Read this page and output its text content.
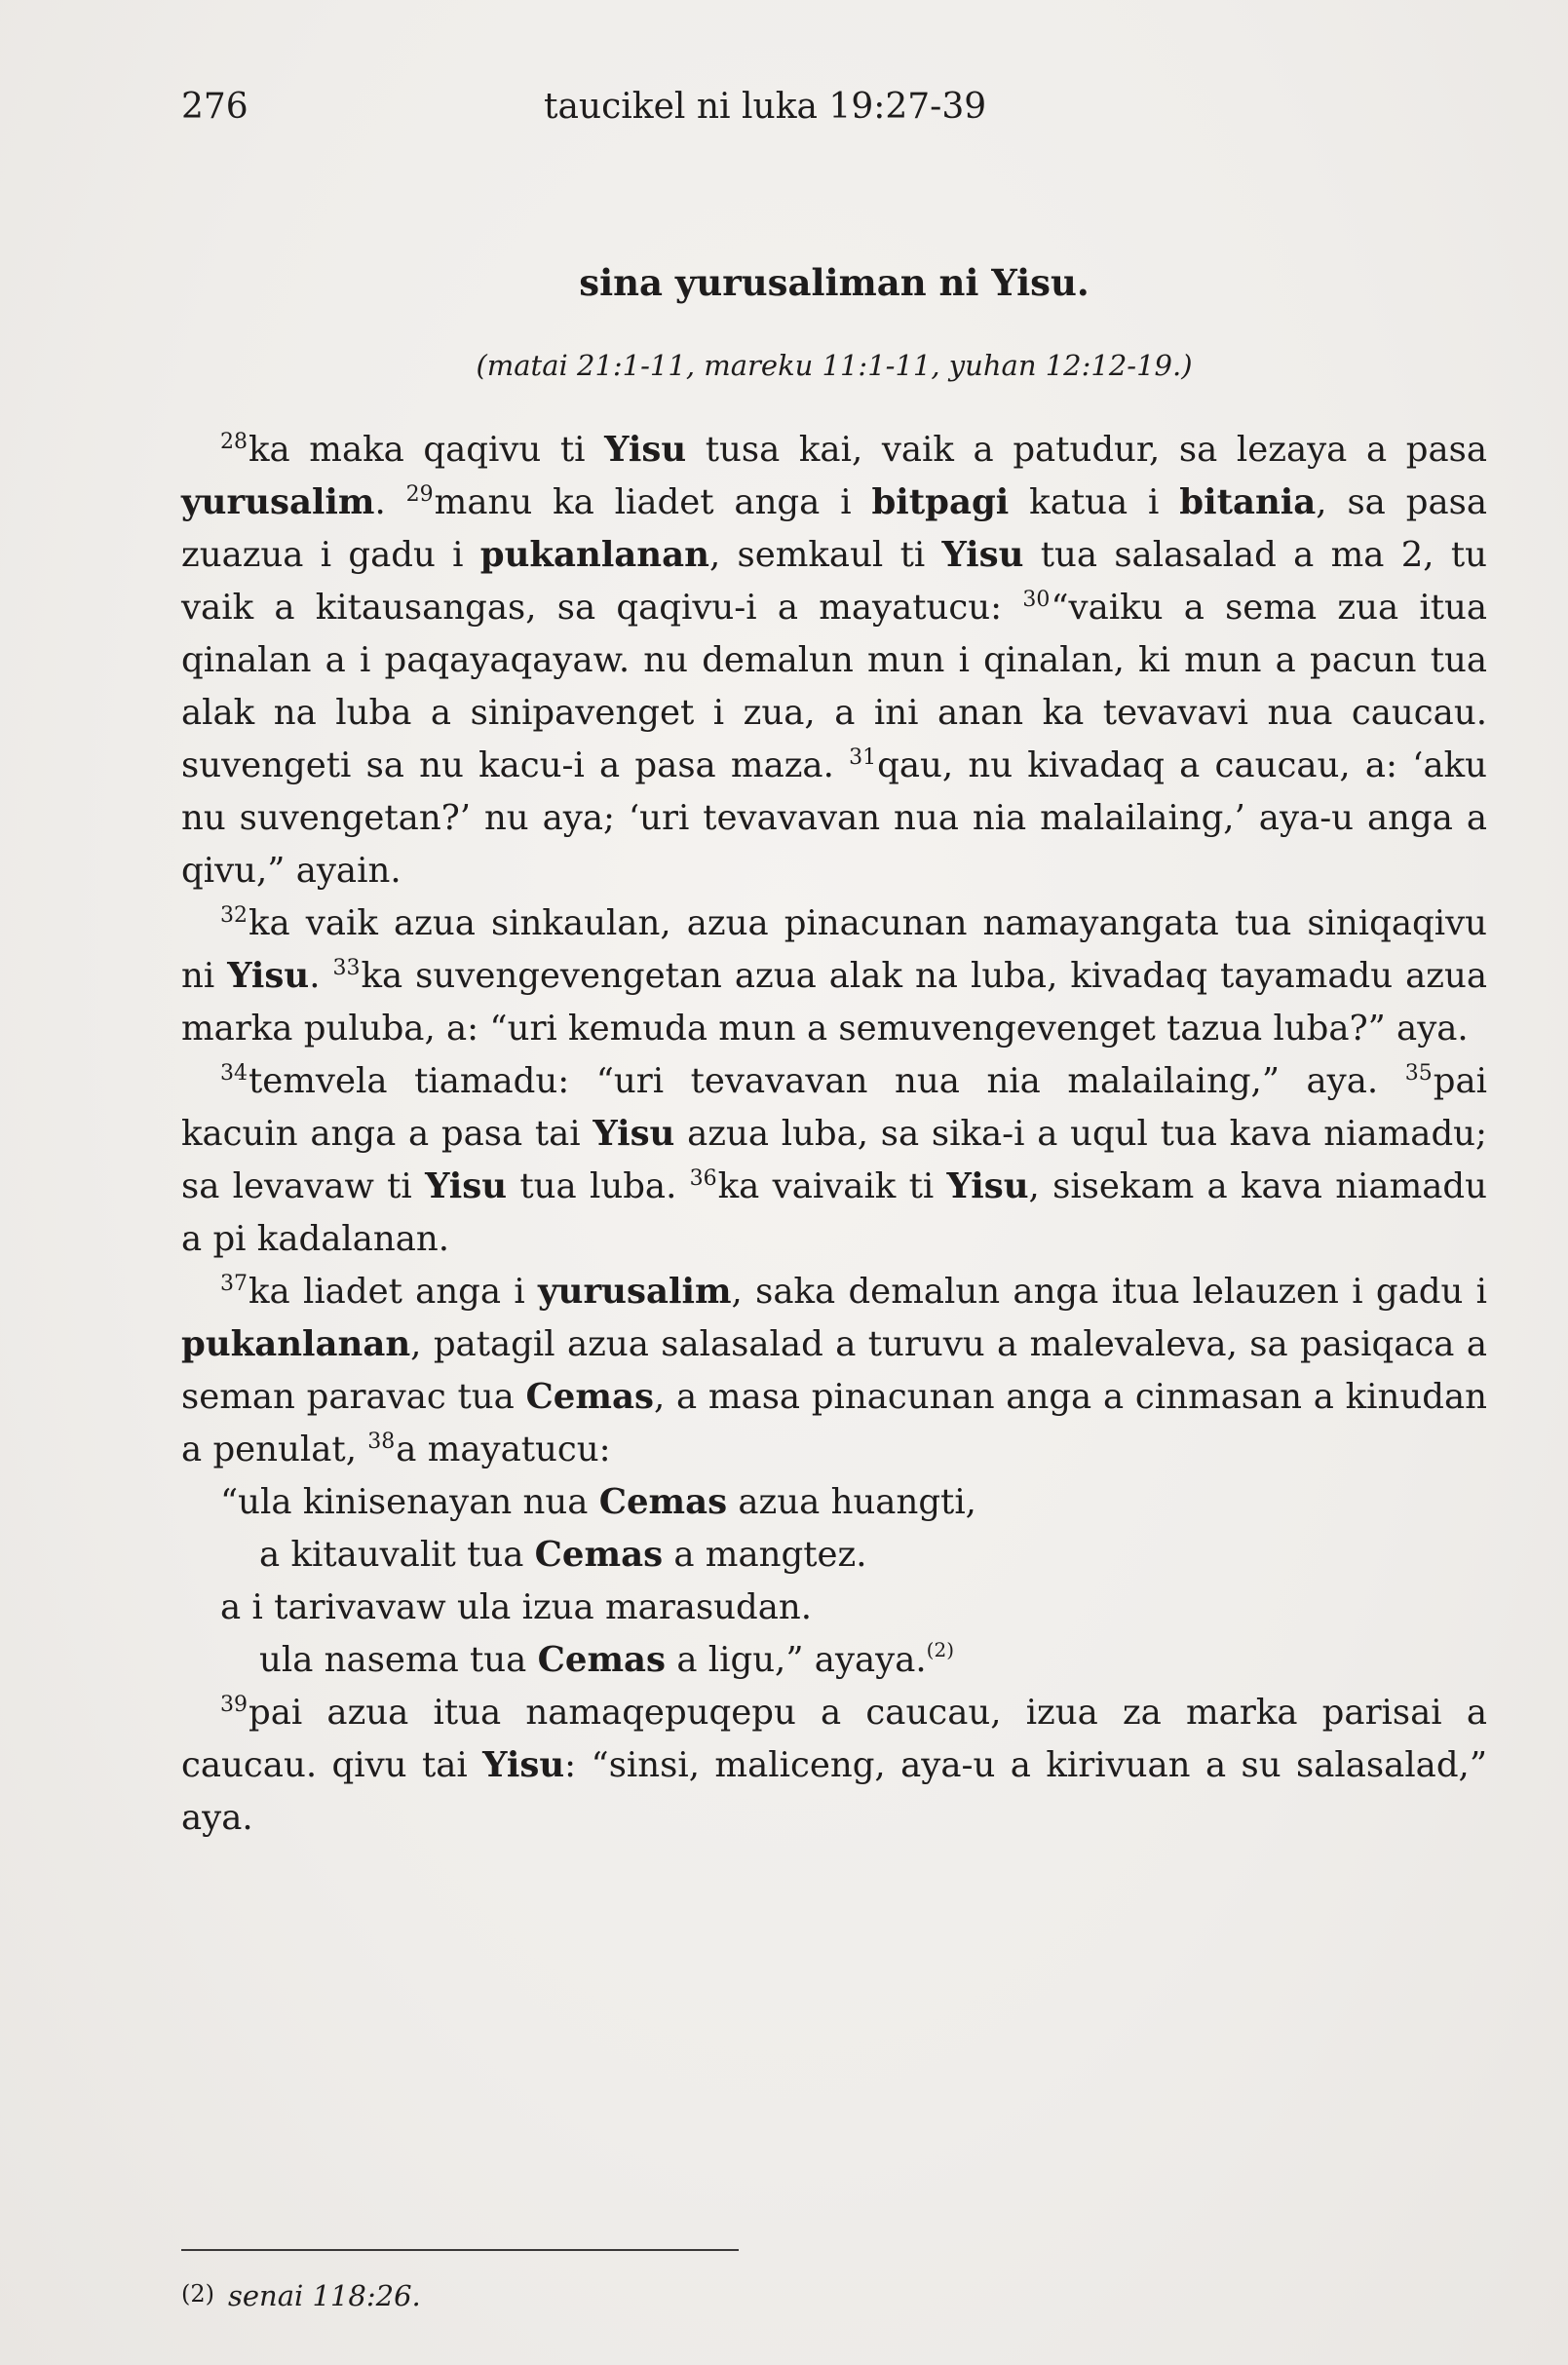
276	taucikel ni luka 19:27-39
sina yurusaliman ni Yisu.
(matai 21:1-11, mareku 11:1-11, yuhan 12:12-19.)

$^{28}$ka maka qaqivu ti Yisu tusa kai, vaik a patudur, sa lezaya a pasa yurusalim. $^{29}$manu ka liadet anga i bitpagi katua i bitania, sa pasa zuazua i gadu i pukanlanan, semkaul ti Yisu tua salasalad a ma 2, tu vaik a kitausangas, sa qaqivu-i a mayatucu: $^{30}$“vaiku a sema zua itua qinalan a i paqayaqayaw. nu demalun mun i qinalan, ki mun a pacun tua alak na luba a sinipavenget i zua, a ini anan ka tevavavi nua caucau. suvengeti sa nu kacu-i a pasa maza. $^{31}$qau, nu kivadaq a caucau, a: ‘aku nu suvengetan?’ nu aya; ‘uri tevavavan nua nia malailaing,’ aya-u anga a qivu,” ayain.

$^{32}$ka vaik azua sinkaulan, azua pinacunan namayangata tua siniqaqivu ni Yisu. $^{33}$ka suvengevengetan azua alak na luba, kivadaq tayamadu azua marka puluba, a: “uri kemuda mun a semuvengevenget tazua luba?” aya.

$^{34}$temvela tiamadu: “uri tevavavan nua nia malailaing,” aya. $^{35}$pai kacuin anga a pasa tai Yisu azua luba, sa sika-i a uqul tua kava niamadu; sa levavaw ti Yisu tua luba. $^{36}$ka vaivaik ti Yisu, sisekam a kava niamadu a pi kadalanan.

$^{37}$ka liadet anga i yurusalim, saka demalun anga itua lelauzen i gadu i pukanlanan, patagil azua salasalad a turuvu a malevaleva, sa pasiqaca a seman paravac tua Cemas, a masa pinacunan anga a cinmasan a kinudan a penulat, $^{38}$a mayatucu:

“ula kinisenayan nua Cemas azua huangti,

a kitauvalit tua Cemas a mangtez.

a i tarivavaw ula izua marasudan.

ula nasema tua Cemas a ligu,” ayaya.$^{(2)}$

$^{39}$pai azua itua namaqepuqepu a caucau, izua za marka parisai a caucau. qivu tai Yisu: “sinsi, maliceng, aya-u a kirivuan a su salasalad,” aya.

(2) senai 118:26.
